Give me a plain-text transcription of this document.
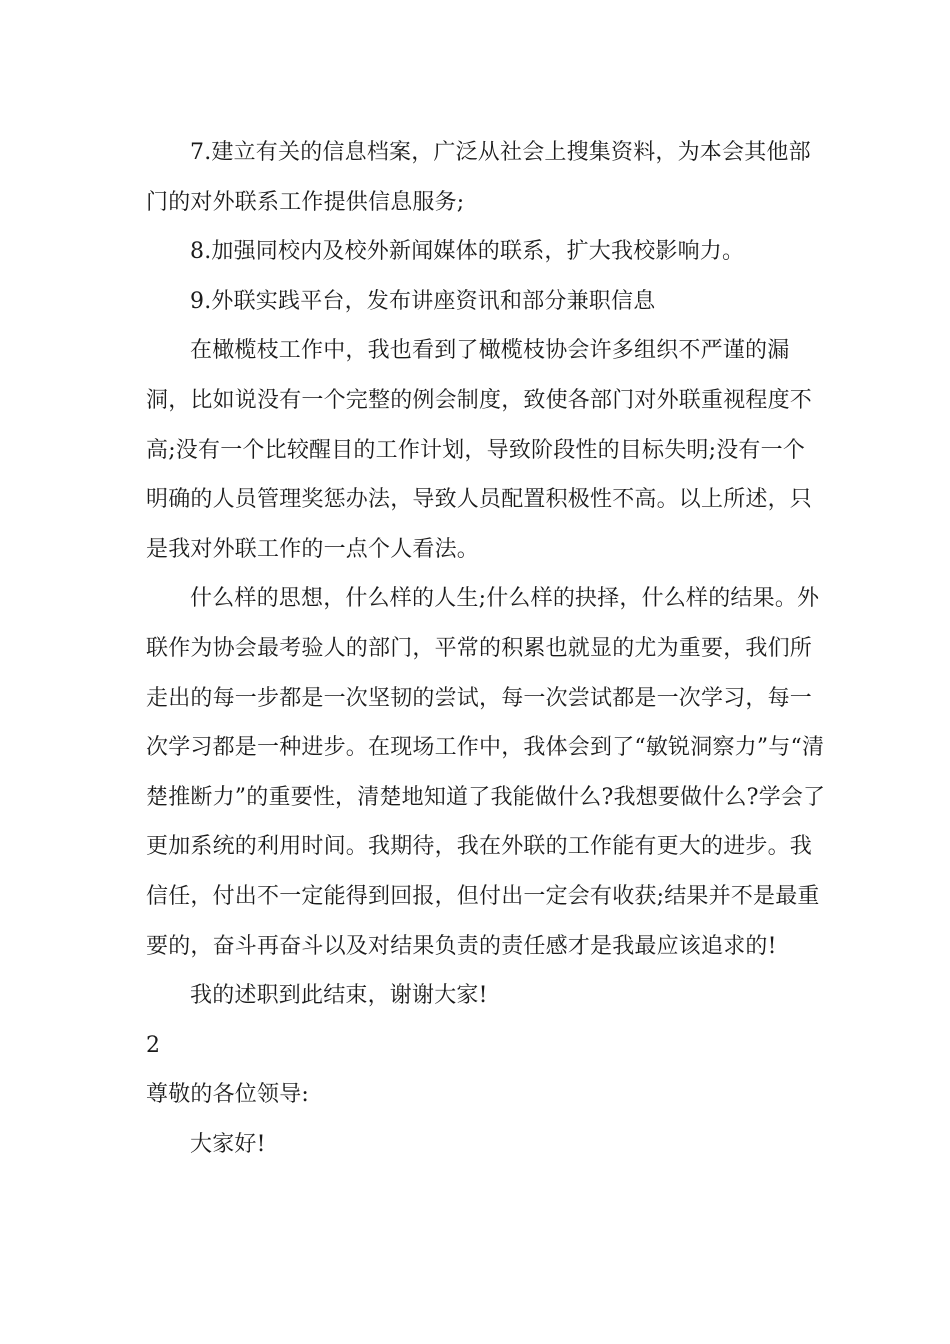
7.建立有关的信息档案，广泛从社会上搜集资料，为本会其他部门的对外联系工作提供信息服务;

8.加强同校内及校外新闻媒体的联系，扩大我校影响力。

9.外联实践平台，发布讲座资讯和部分兼职信息

在橄榄枝工作中，我也看到了橄榄枝协会许多组织不严谨的漏洞，比如说没有一个完整的例会制度，致使各部门对外联重视程度不高;没有一个比较醒目的工作计划，导致阶段性的目标失明;没有一个明确的人员管理奖惩办法，导致人员配置积极性不高。以上所述，只是我对外联工作的一点个人看法。

什么样的思想，什么样的人生;什么样的抉择，什么样的结果。外联作为协会最考验人的部门，平常的积累也就显的尤为重要，我们所走出的每一步都是一次坚韧的尝试，每一次尝试都是一次学习，每一次学习都是一种进步。在现场工作中，我体会到了“敏锐洞察力”与“清楚推断力”的重要性，清楚地知道了我能做什么?我想要做什么?学会了更加系统的利用时间。我期待，我在外联的工作能有更大的进步。我信任，付出不一定能得到回报，但付出一定会有收获;结果并不是最重要的，奋斗再奋斗以及对结果负责的责任感才是我最应该追求的!

我的述职到此结束，谢谢大家!

2

尊敬的各位领导:

大家好!
